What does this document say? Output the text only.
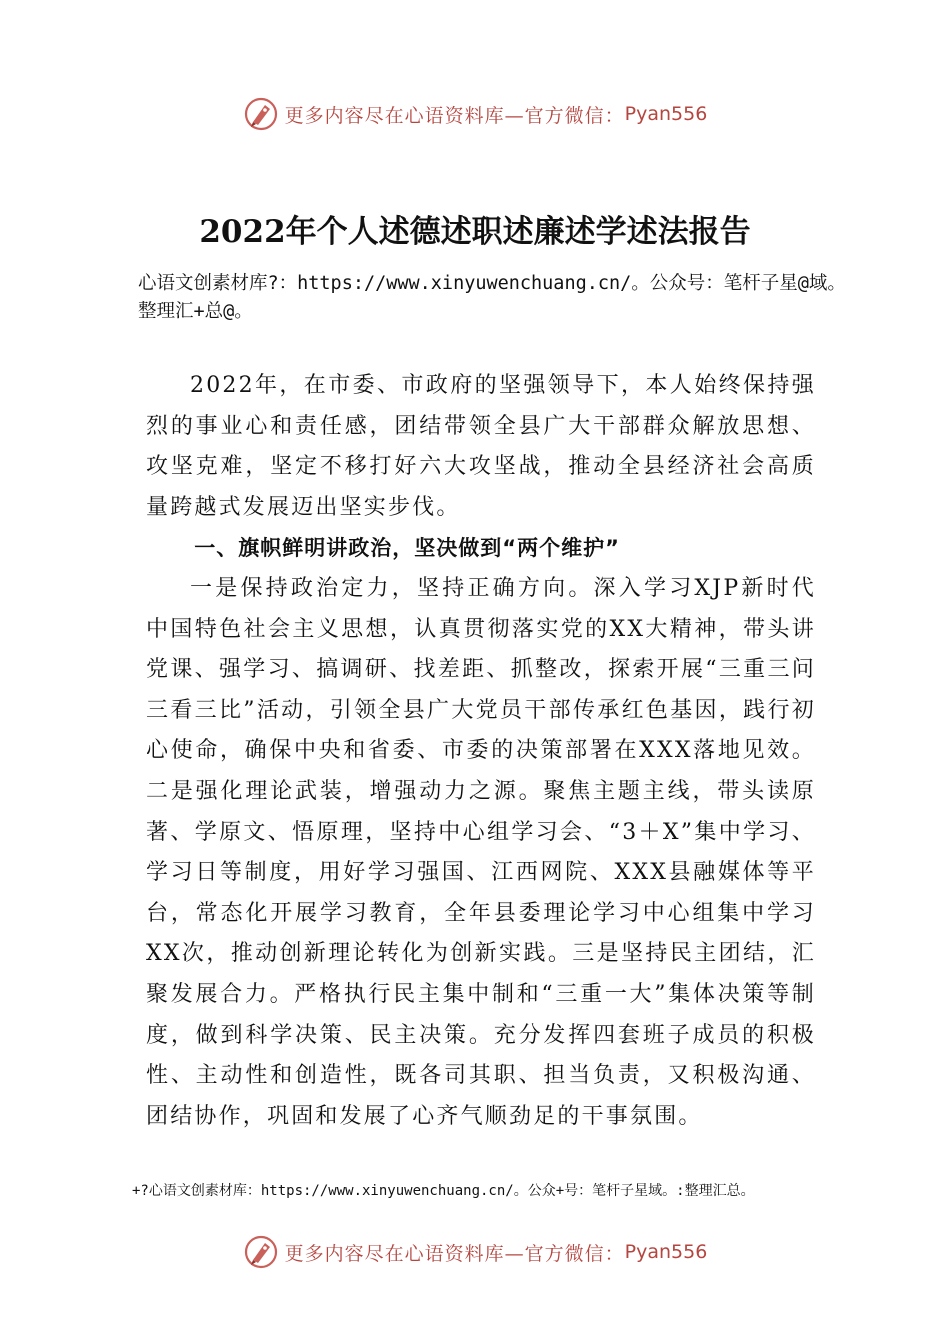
更多内容尽在心语资料库—官方微信： Pyan556
2022年个人述德述职述廉述学述法报告
心语文创素材库?：https://www.xinyuwenchuang.cn/。公众号：笔杆子星@域。整理汇+总@。

2022年，在市委、市政府的坚强领导下，本人始终保持强烈的事业心和责任感，团结带领全县广大干部群众解放思想、攻坚克难，坚定不移打好六大攻坚战，推动全县经济社会高质量跨越式发展迈出坚实步伐。

一、旗帜鲜明讲政治，坚决做到“两个维护”

一是保持政治定力，坚持正确方向。深入学习XJP新时代中国特色社会主义思想，认真贯彻落实党的XX大精神，带头讲党课、强学习、搞调研、找差距、抓整改，探索开展“三重三问三看三比”活动，引领全县广大党员干部传承红色基因，践行初心使命，确保中央和省委、市委的决策部署在XXX落地见效。二是强化理论武装，增强动力之源。聚焦主题主线，带头读原著、学原文、悟原理，坚持中心组学习会、“3＋X”集中学习、学习日等制度，用好学习强国、江西网院、XXX县融媒体等平台，常态化开展学习教育，全年县委理论学习中心组集中学习XX次，推动创新理论转化为创新实践。三是坚持民主团结，汇聚发展合力。严格执行民主集中制和“三重一大”集体决策等制度，做到科学决策、民主决策。充分发挥四套班子成员的积极性、主动性和创造性，既各司其职、担当负责，又积极沟通、团结协作，巩固和发展了心齐气顺劲足的干事氛围。

+?心语文创素材库：https://www.xinyuwenchuang.cn/。公众+号：笔杆子星域。:整理汇总。
更多内容尽在心语资料库—官方微信： Pyan556
